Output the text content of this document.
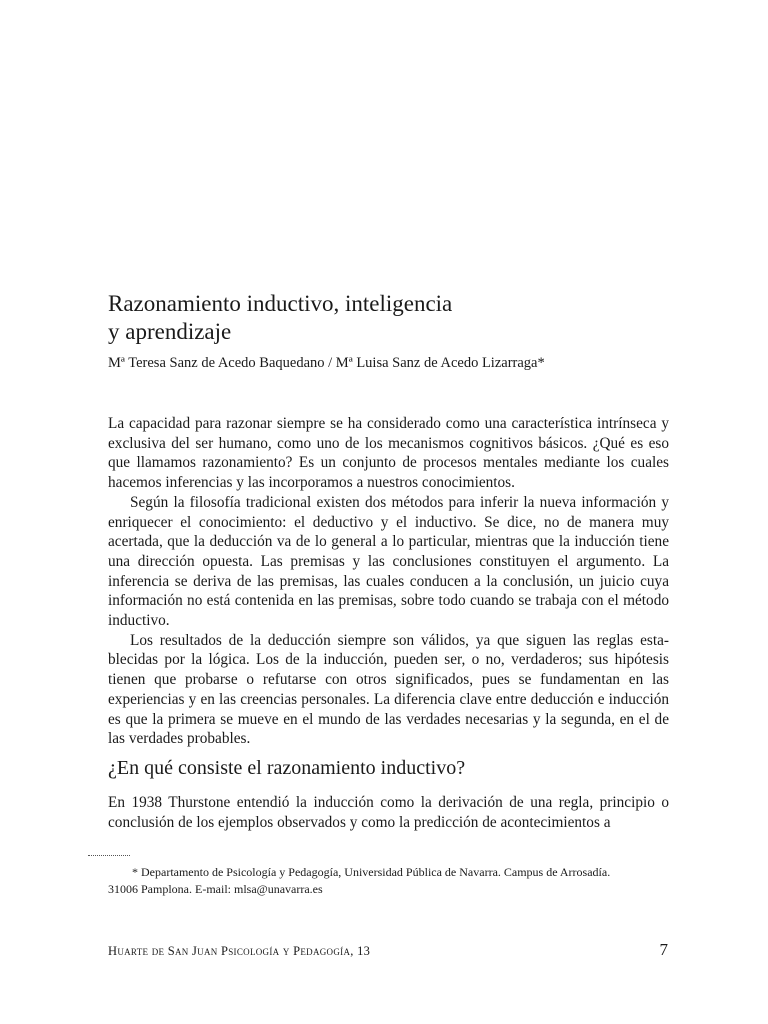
Razonamiento inductivo, inteligencia
y aprendizaje
Mª Teresa Sanz de Acedo Baquedano / Mª Luisa Sanz de Acedo Lizarraga*

La capacidad para razonar siempre se ha considerado como una característica intrínseca y exclusiva del ser humano, como uno de los mecanismos cognitivos básicos. ¿Qué es eso que llamamos razonamiento? Es un conjunto de procesos mentales mediante los cuales hacemos inferencias y las incorporamos a nuestros conocimientos.

Según la filosofía tradicional existen dos métodos para inferir la nueva información y enriquecer el conocimiento: el deductivo y el inductivo. Se dice, no de manera muy acertada, que la deducción va de lo general a lo particular, mientras que la inducción tiene una dirección opuesta. Las premisas y las conclusiones constituyen el argumento. La inferencia se deriva de las premisas, las cuales conducen a la conclusión, un juicio cuya información no está contenida en las premisas, sobre todo cuando se trabaja con el método inductivo.

Los resultados de la deducción siempre son válidos, ya que siguen las reglas establecidas por la lógica. Los de la inducción, pueden ser, o no, verdaderos; sus hipótesis tienen que probarse o refutarse con otros significados, pues se fundamentan en las experiencias y en las creencias personales. La diferencia clave entre deducción e inducción es que la primera se mueve en el mundo de las verdades necesarias y la segunda, en el de las verdades probables.

¿En qué consiste el razonamiento inductivo?

En 1938 Thurstone entendió la inducción como la derivación de una regla, principio o conclusión de los ejemplos observados y como la predicción de acontecimientos a

* Departamento de Psicología y Pedagogía, Universidad Pública de Navarra. Campus de Arrosadía.

31006 Pamplona. E-mail: mlsa@unavarra.es

Huarte de San Juan Psicología y Pedagogía, 13	7
